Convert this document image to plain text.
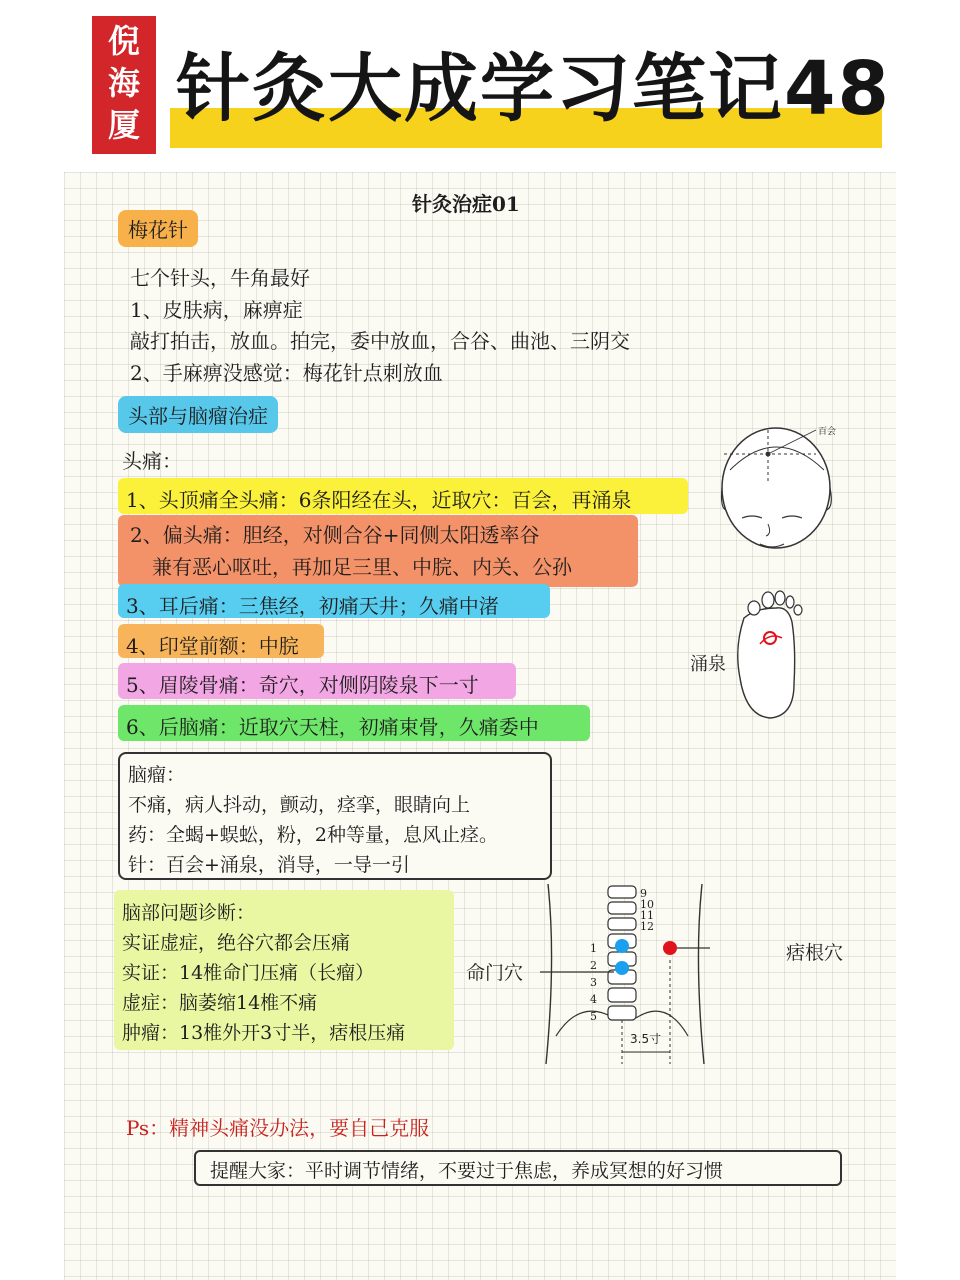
倪
海
厦 针灸大成学习笔记48
针灸治症01
梅花针
七个针头，牛角最好
1、皮肤病，麻痹症
敲打拍击，放血。拍完，委中放血，合谷、曲池、三阴交
2、手麻痹没感觉：梅花针点刺放血
头部与脑瘤治症
头痛：
1、头顶痛全头痛：6条阳经在头，近取穴：百会，再涌泉
2、偏头痛：胆经，对侧合谷+同侧太阳透率谷
兼有恶心呕吐，再加足三里、中脘、内关、公孙
3、耳后痛：三焦经，初痛天井；久痛中渚
4、印堂前额：中脘
5、眉陵骨痛：奇穴，对侧阴陵泉下一寸
6、后脑痛：近取穴天柱，初痛束骨，久痛委中
脑瘤：
不痛，病人抖动，颤动，痉挛，眼睛向上
药：全蝎+蜈蚣，粉，2种等量，息风止痉。
针：百会+涌泉，消导，一导一引
脑部问题诊断：
实证虚症，绝谷穴都会压痛
实证：14椎命门压痛（长瘤）
虚症：脑萎缩14椎不痛
肿瘤：13椎外开3寸半，痞根压痛
百会
涌泉
9
10
11
12
1
2
3
4
5
命门穴
痞根穴
3.5寸
Ps：精神头痛没办法，要自己克服
提醒大家：平时调节情绪，不要过于焦虑，养成冥想的好习惯
